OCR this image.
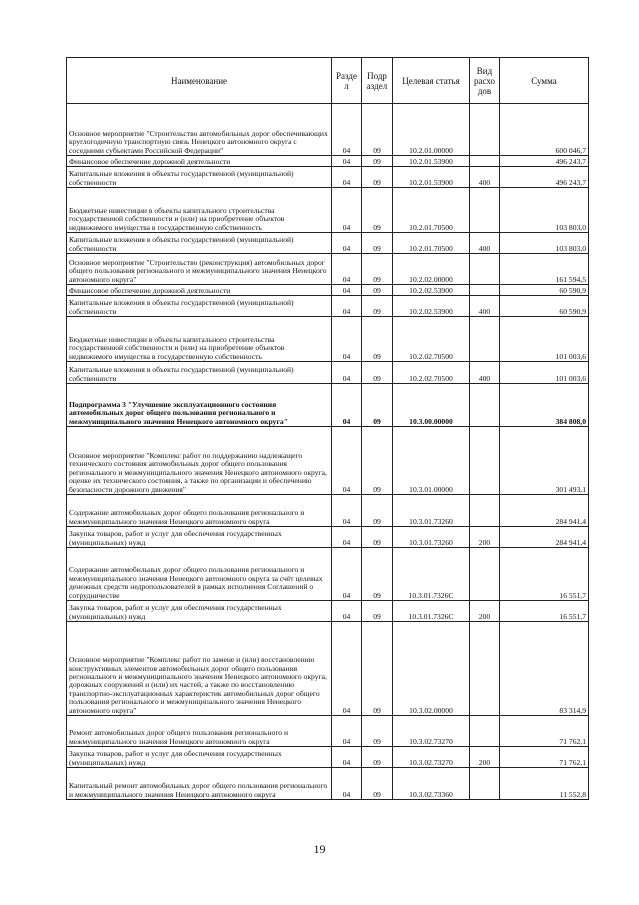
Наименование	Разде л	Подр аздел	Целевая статья	Вид расхо дов	Сумма
Основное мероприятие "Строительство автомобильных дорог обеспечивающих круглогодичную транспортную связь Ненецкого автономного округа с соседними субъектами Российской Федерации"	04	09	10.2.01.00000		600 046,7
Финансовое обеспечение дорожной деятельности	04	09	10.2.01.53900		496 243,7
Капитальные вложения в объекты государственной (муниципальной) собственности	04	09	10.2.01.53900	400	496 243,7
Бюджетные инвестиции в объекты капитального строительства государственной собственности и (или) на приобретение объектов недвижимого имущества в государственную собственность	04	09	10.2.01.70500		103 803,0
Капитальные вложения в объекты государственной (муниципальной) собственности	04	09	10.2.01.70500	400	103 803,0
Основное мероприятие "Строительство (реконструкция) автомобильных дорог общего пользования регионального и межмуниципального значения Ненецкого автономного округа"	04	09	10.2.02.00000		161 594,5
Финансовое обеспечение дорожной деятельности	04	09	10.2.02.53900		60 590,9
Капитальные вложения в объекты государственной (муниципальной) собственности	04	09	10.2.02.53900	400	60 590,9
Бюджетные инвестиции в объекты капитального строительства государственной собственности и (или) на приобретение объектов недвижимого имущества в государственную собственность	04	09	10.2.02.70500		101 003,6
Капитальные вложения в объекты государственной (муниципальной) собственности	04	09	10.2.02.70500	400	101 003,6
Подпрограмма 3 "Улучшение эксплуатационного состояния автомобильных дорог общего пользования регионального и межмуниципального значения Ненецкого автономного округа"	04	09	10.3.00.00000		384 808,0
Основное мероприятие "Комплекс работ по поддержанию надлежащего технического состояния автомобильных дорог общего пользования регионального и межмуниципального значения Ненецкого автономного округа, оценке их технического состояния, а также по организации и обеспечению безопасности дорожного движения"	04	09	10.3.01.00000		301 493,1
Содержание автомобильных дорог общего пользования регионального и межмуниципального значения Ненецкого автономного округа	04	09	10.3.01.73260		284 941,4
Закупка товаров, работ и услуг для обеспечения государственных (муниципальных) нужд	04	09	10.3.01.73260	200	284 941,4
Содержание автомобильных дорог общего пользования регионального и межмуниципального значения Ненецкого автономного округа за счёт целевых денежных средств недропользователей в рамках исполнения Соглашений о сотрудничестве	04	09	10.3.01.7326С		16 551,7
Закупка товаров, работ и услуг для обеспечения государственных (муниципальных) нужд	04	09	10.3.01.7326С	200	16 551,7
Основное мероприятие "Комплекс работ по замене и (или) восстановлению конструктивных элементов автомобильных дорог общего пользования регионального и межмуниципального значения Ненецкого автономного округа, дорожных сооружений и (или) их частей, а также по восстановлению транспортно-эксплуатационных характеристик автомобильных дорог общего пользования регионального и межмуниципального значения Ненецкого автономного округа"	04	09	10.3.02.00000		83 314,9
Ремонт автомобильных дорог общего пользования регионального и межмуниципального значения Ненецкого автономного округа	04	09	10.3.02.73270		71 762,1
Закупка товаров, работ и услуг для обеспечения государственных (муниципальных) нужд	04	09	10.3.02.73270	200	71 762,1
Капитальный ремонт автомобильных дорог общего пользования регионального и межмуниципального значения Ненецкого автономного округа	04	09	10.3.02.73360		11 552,8
19
